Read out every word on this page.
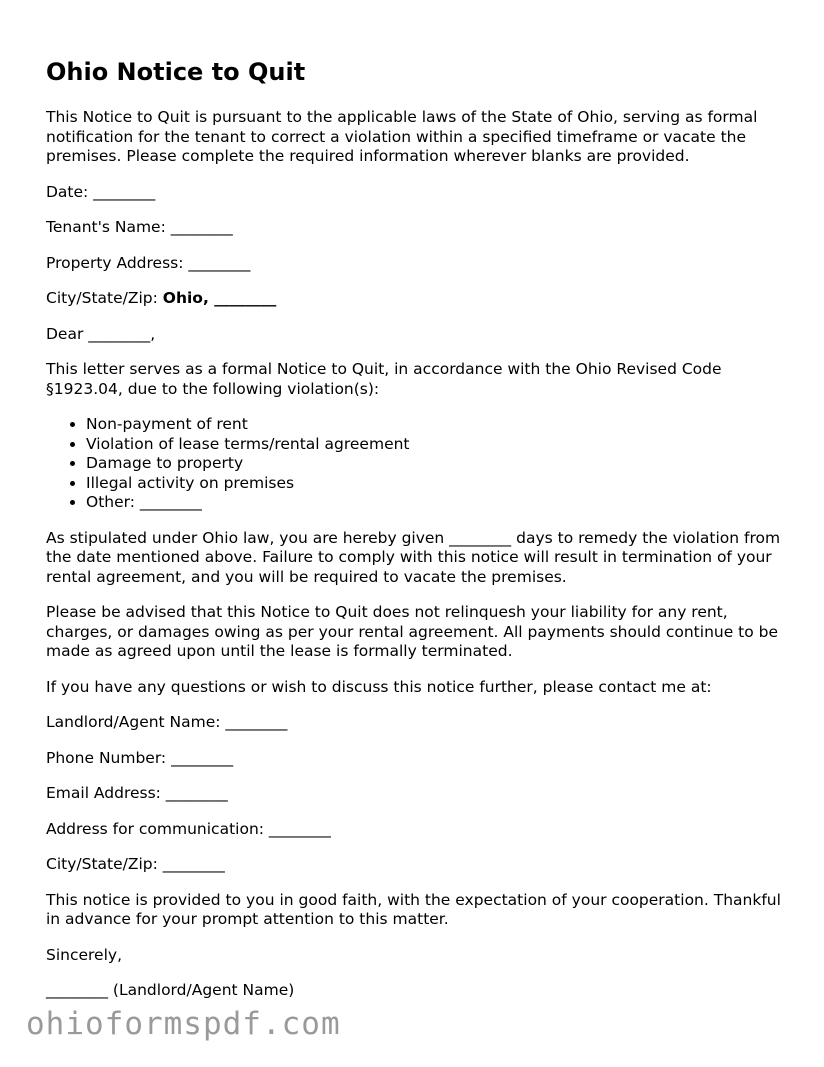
Ohio Notice to Quit

This Notice to Quit is pursuant to the applicable laws of the State of Ohio, serving as formal notification for the tenant to correct a violation within a specified timeframe or vacate the premises. Please complete the required information wherever blanks are provided.

Date: ________

Tenant's Name: ________

Property Address: ________

City/State/Zip: Ohio, ________

Dear ________,

This letter serves as a formal Notice to Quit, in accordance with the Ohio Revised Code §1923.04, due to the following violation(s):

• Non-payment of rent
• Violation of lease terms/rental agreement
• Damage to property
• Illegal activity on premises
• Other: ________

As stipulated under Ohio law, you are hereby given ________ days to remedy the violation from the date mentioned above. Failure to comply with this notice will result in termination of your rental agreement, and you will be required to vacate the premises.

Please be advised that this Notice to Quit does not relinquesh your liability for any rent, charges, or damages owing as per your rental agreement. All payments should continue to be made as agreed upon until the lease is formally terminated.

If you have any questions or wish to discuss this notice further, please contact me at:

Landlord/Agent Name: ________

Phone Number: ________

Email Address: ________

Address for communication: ________

City/State/Zip: ________

This notice is provided to you in good faith, with the expectation of your cooperation. Thankful in advance for your prompt attention to this matter.

Sincerely,

________ (Landlord/Agent Name)

ohioformspdf.com
